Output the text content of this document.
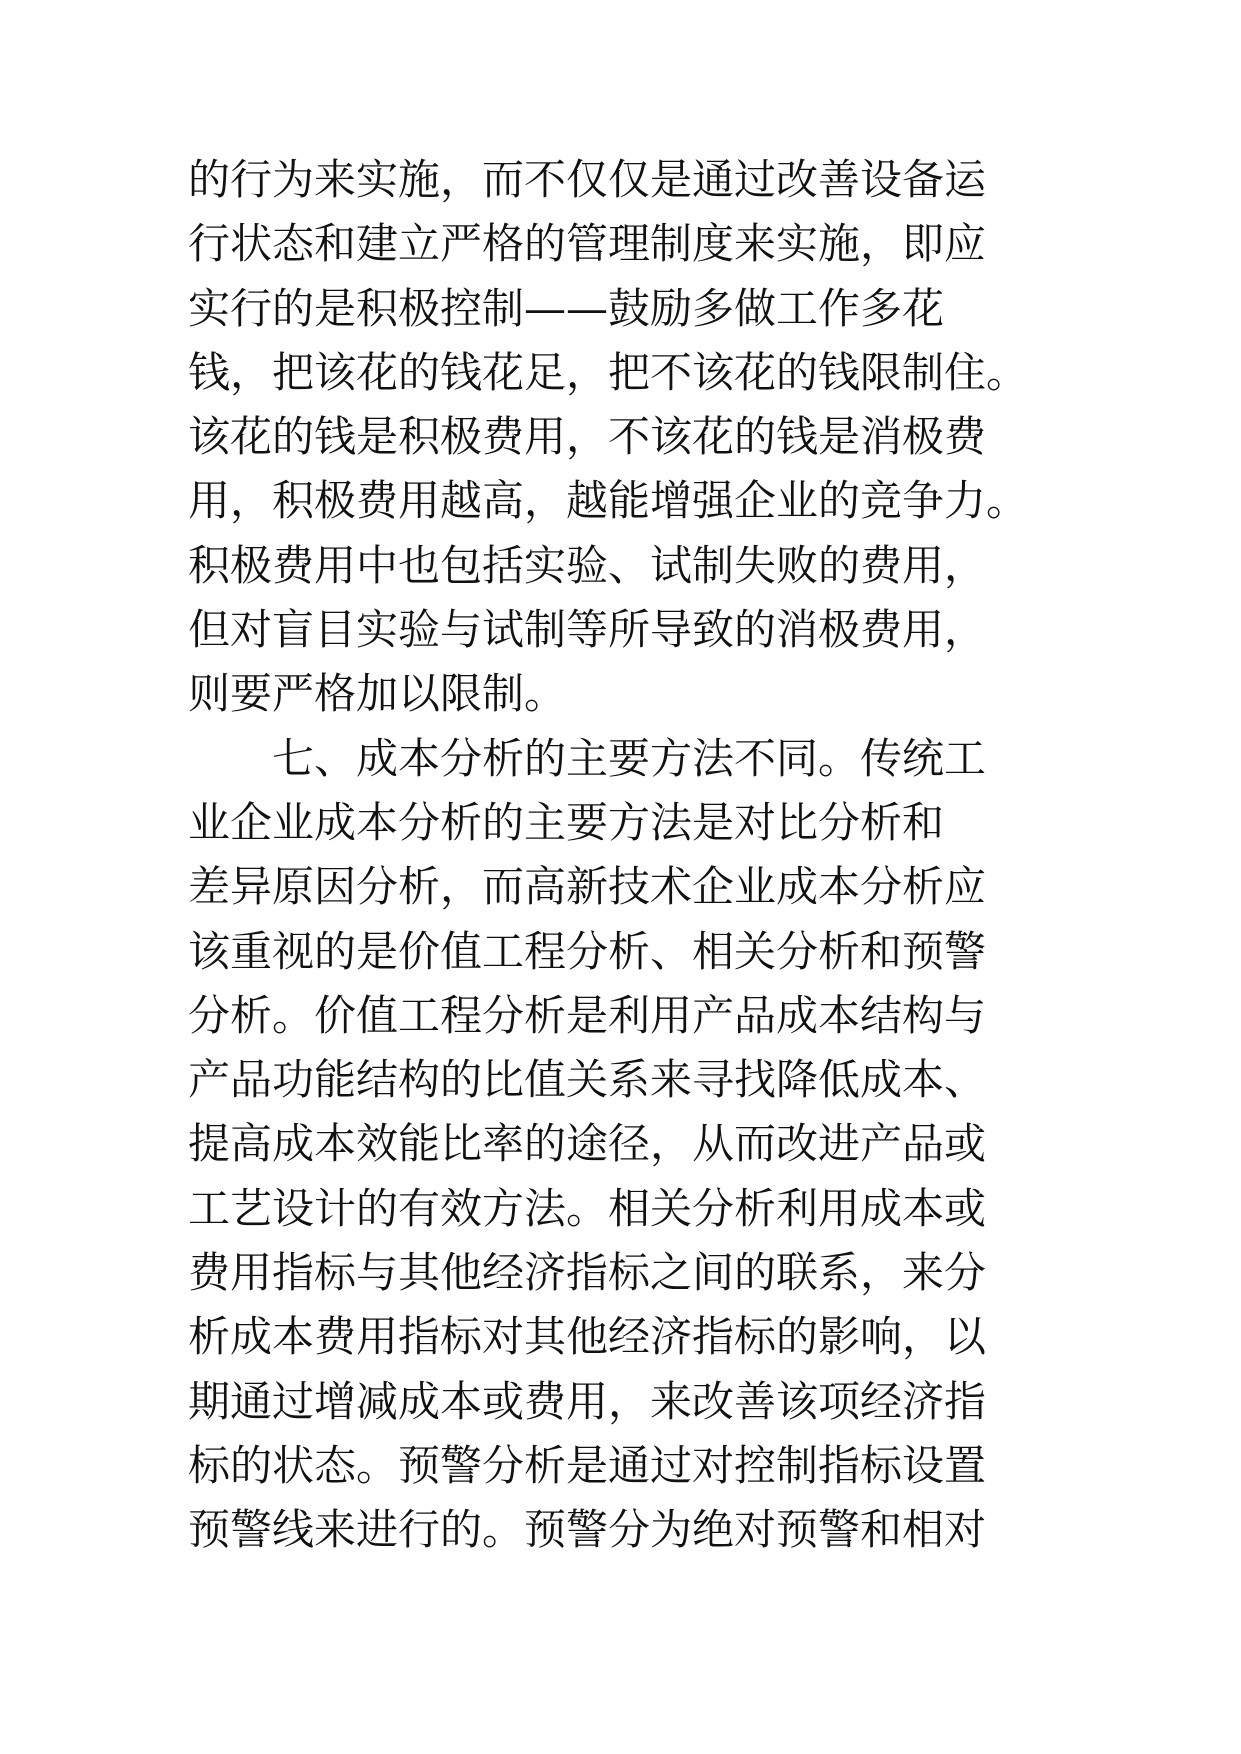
的行为来实施，而不仅仅是通过改善设备运
行状态和建立严格的管理制度来实施，即应
实行的是积极控制——鼓励多做工作多花
钱，把该花的钱花足，把不该花的钱限制住。
该花的钱是积极费用，不该花的钱是消极费
用，积极费用越高，越能增强企业的竞争力。
积极费用中也包括实验、试制失败的费用，
但对盲目实验与试制等所导致的消极费用，
则要严格加以限制。
七、成本分析的主要方法不同。传统工
业企业成本分析的主要方法是对比分析和
差异原因分析，而高新技术企业成本分析应
该重视的是价值工程分析、相关分析和预警
分析。价值工程分析是利用产品成本结构与
产品功能结构的比值关系来寻找降低成本、
提高成本效能比率的途径，从而改进产品或
工艺设计的有效方法。相关分析利用成本或
费用指标与其他经济指标之间的联系，来分
析成本费用指标对其他经济指标的影响，以
期通过增减成本或费用，来改善该项经济指
标的状态。预警分析是通过对控制指标设置
预警线来进行的。预警分为绝对预警和相对
